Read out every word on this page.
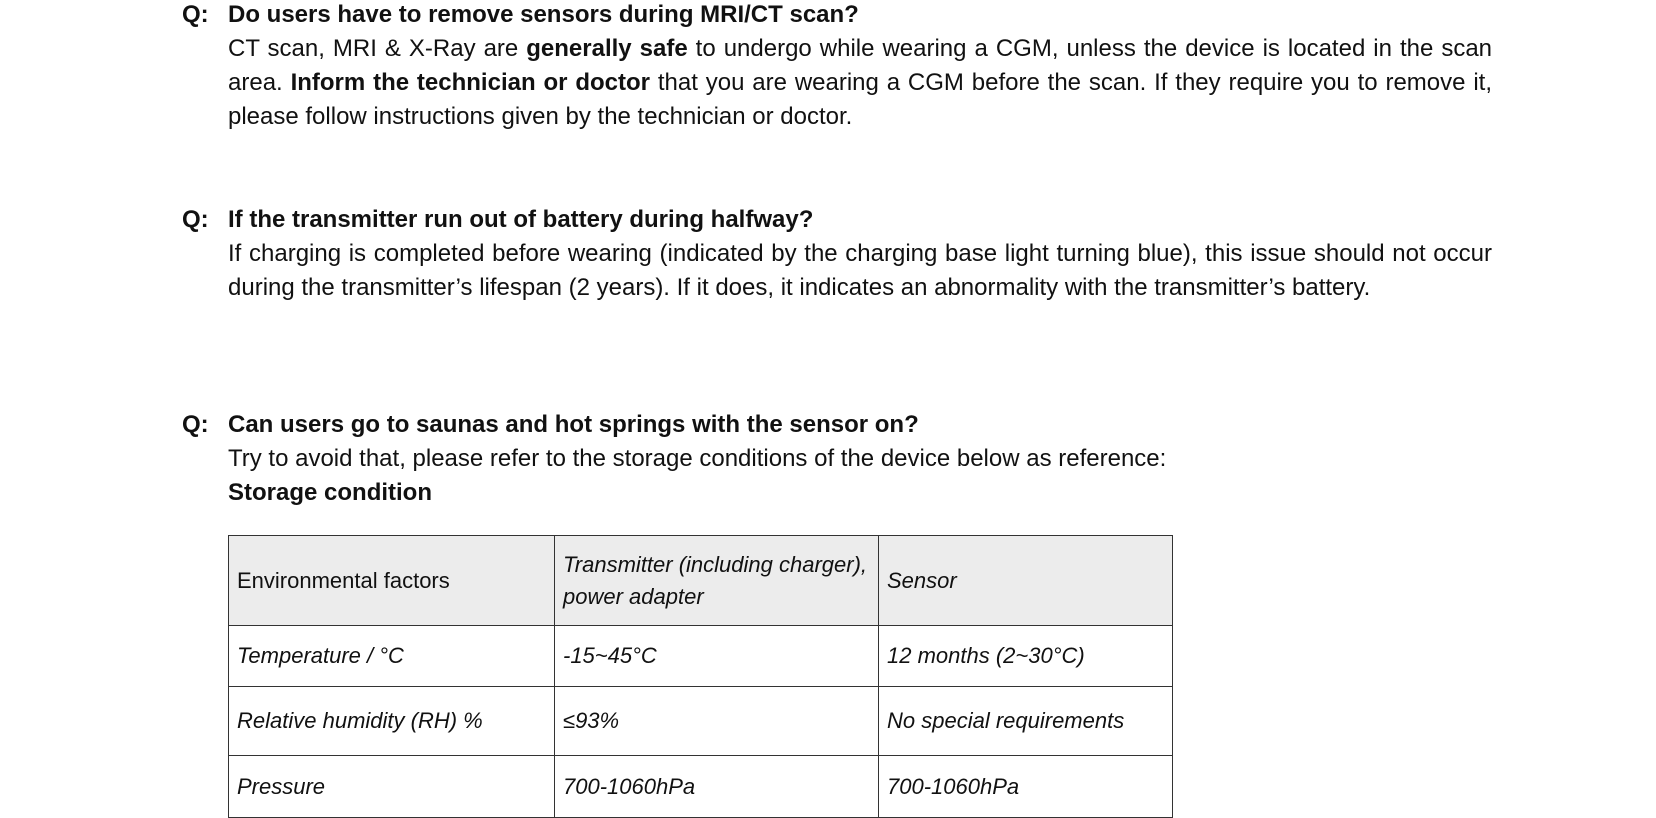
Q: Do users have to remove sensors during MRI/CT scan?
CT scan, MRI & X-Ray are generally safe to undergo while wearing a CGM, unless the device is located in the scan area. Inform the technician or doctor that you are wearing a CGM before the scan. If they require you to remove it, please follow instructions given by the technician or doctor.
Q: If the transmitter run out of battery during halfway?
If charging is completed before wearing (indicated by the charging base light turning blue), this issue should not occur during the transmitter’s lifespan (2 years). If it does, it indicates an abnormality with the transmitter’s battery.
Q: Can users go to saunas and hot springs with the sensor on?
Try to avoid that, please refer to the storage conditions of the device below as reference:
Storage condition
Environmental factors	Transmitter (including charger), power adapter	Sensor
Temperature / °C	-15~45°C	12 months (2~30°C)
Relative humidity (RH) %	≤93%	No special requirements
Pressure	700-1060hPa	700-1060hPa
